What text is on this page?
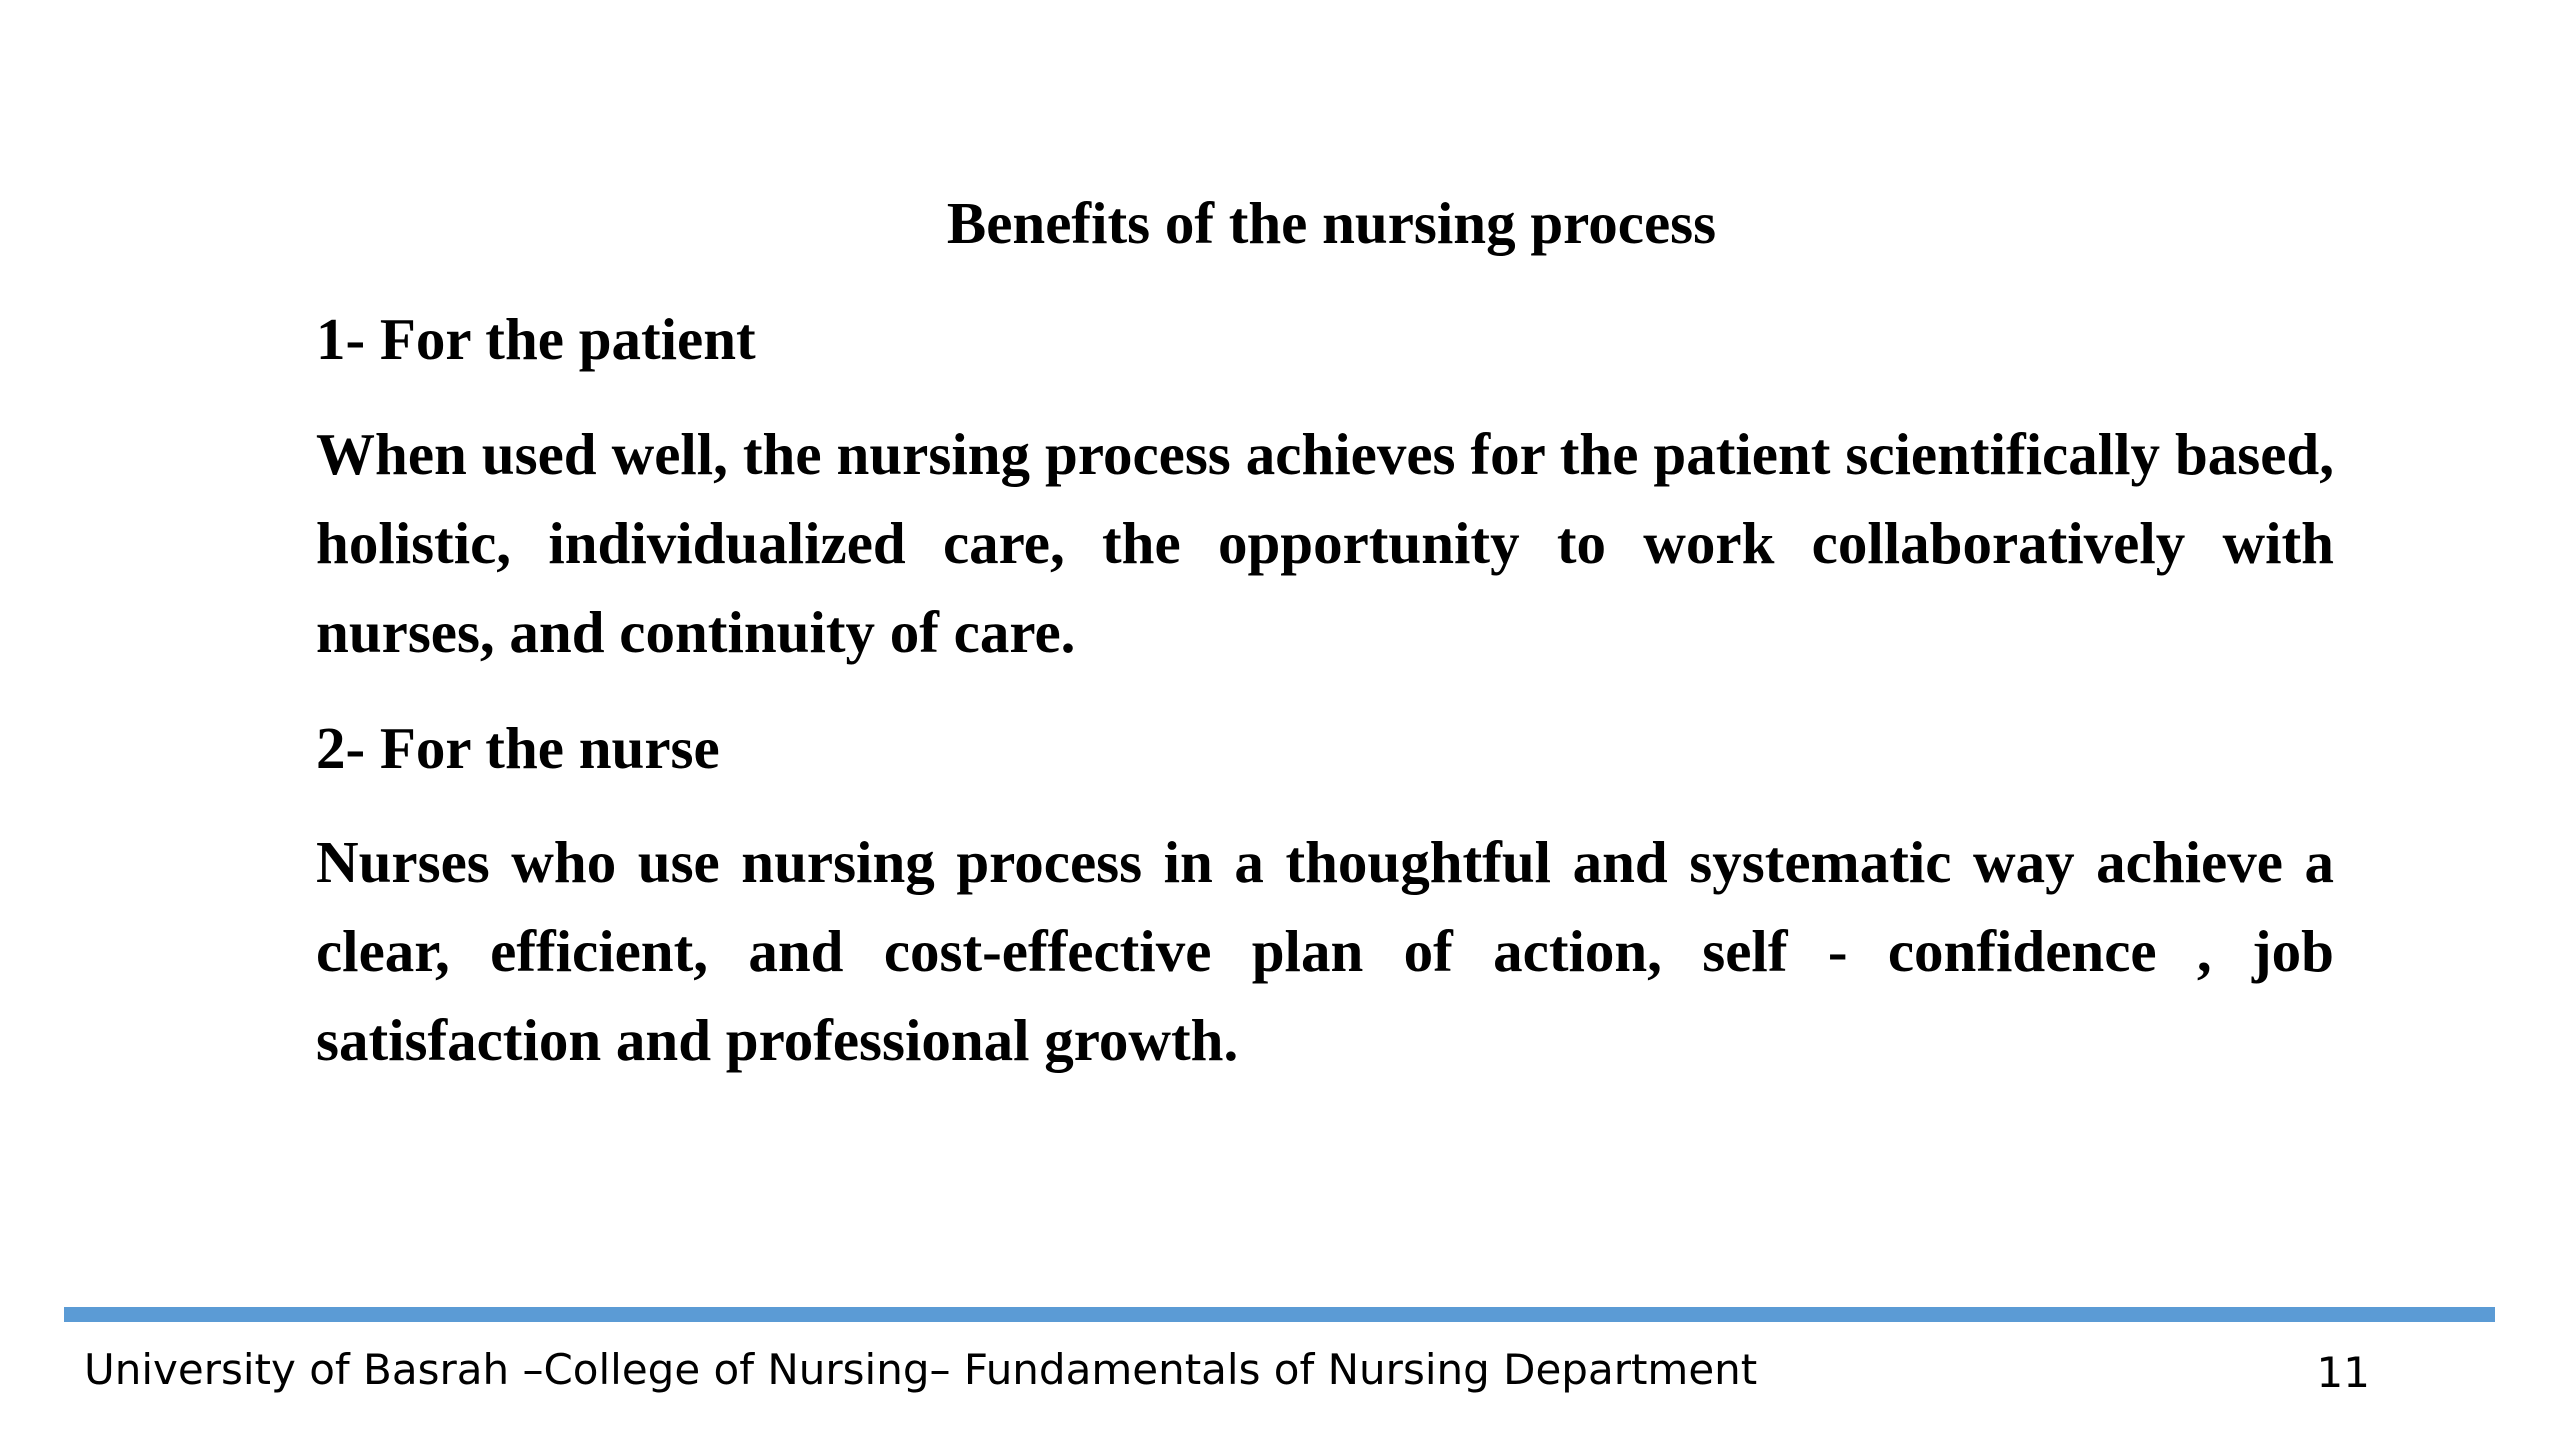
Benefits of the nursing process
1- For the patient

When used well, the nursing process achieves for the patient scientifically based, holistic, individualized care, the opportunity to work collaboratively with nurses, and continuity of care.

2- For the nurse

Nurses who use nursing process in a thoughtful and systematic way achieve a clear, efficient, and cost-effective plan of action, self - confidence , job satisfaction and professional growth.

University of Basrah –College of Nursing– Fundamentals of Nursing Department	11
